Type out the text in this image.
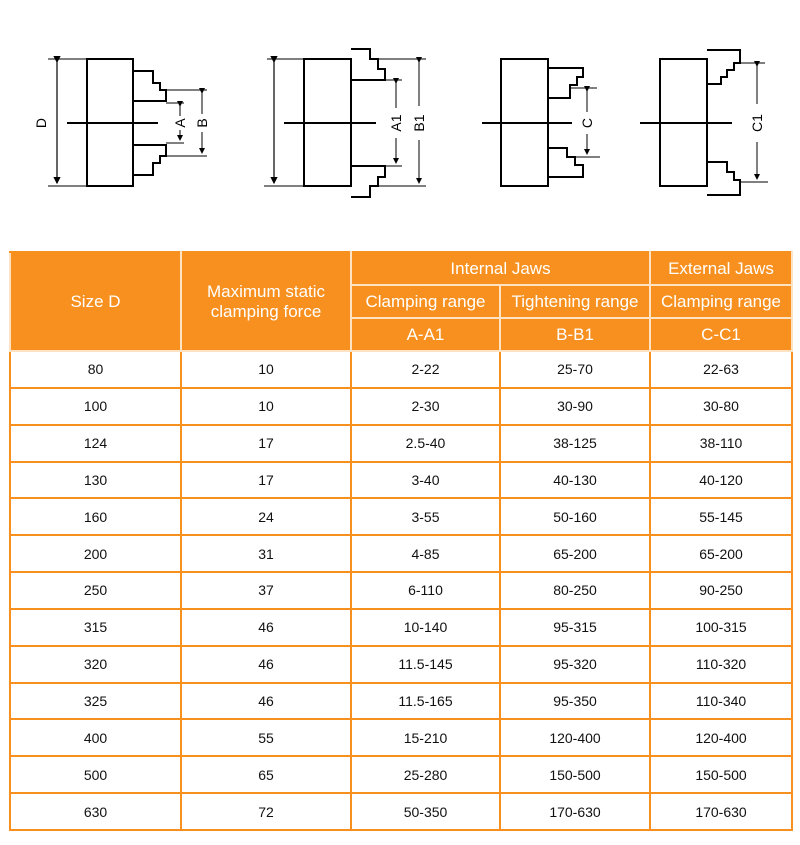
D	A B	A1 B1	C	C1
Size D	Maximum static clamping force	Internal Jaws		External Jaws
		Clamping range	Tightening range	Clamping range
		A-A1	B-B1	C-C1
80	10	2-22	25-70	22-63
100	10	2-30	30-90	30-80
124	17	2.5-40	38-125	38-110
130	17	3-40	40-130	40-120
160	24	3-55	50-160	55-145
200	31	4-85	65-200	65-200
250	37	6-110	80-250	90-250
315	46	10-140	95-315	100-315
320	46	11.5-145	95-320	110-320
325	46	11.5-165	95-350	110-340
400	55	15-210	120-400	120-400
500	65	25-280	150-500	150-500
630	72	50-350	170-630	170-630
